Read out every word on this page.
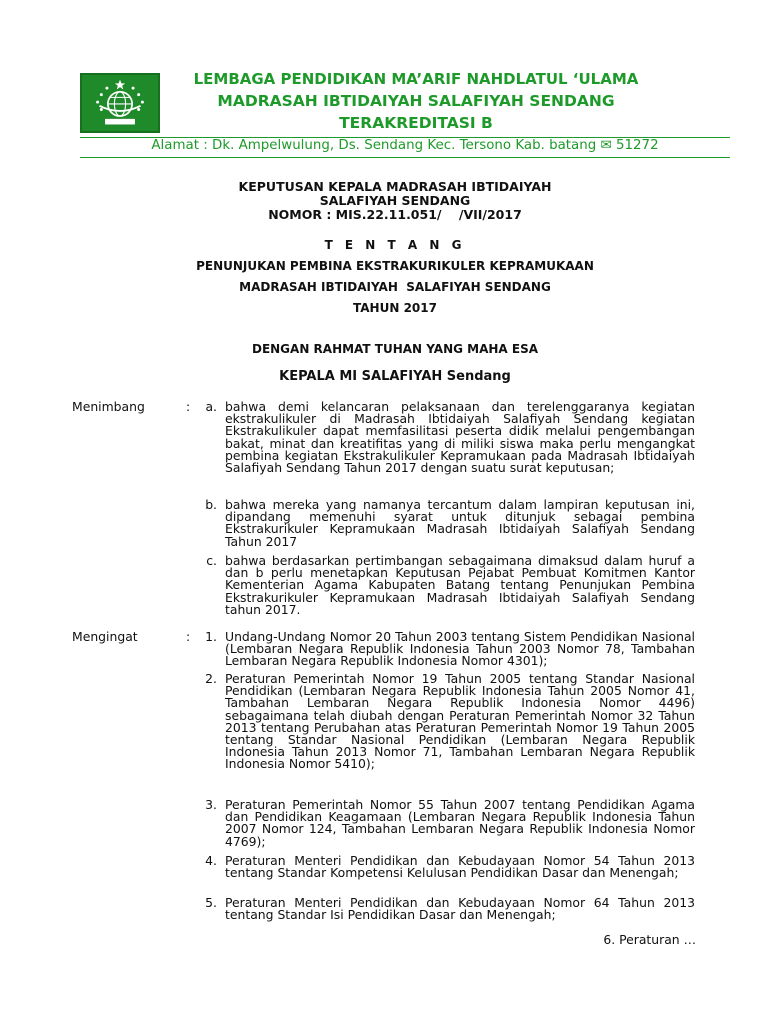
LEMBAGA PENDIDIKAN MA’ARIF NAHDLATUL ‘ULAMA
MADRASAH IBTIDAIYAH SALAFIYAH SENDANG
TERAKREDITASI B
Alamat : Dk. Ampelwulung, Ds. Sendang Kec. Tersono Kab. batang ✉ 51272
KEPUTUSAN KEPALA MADRASAH IBTIDAIYAH
SALAFIYAH SENDANG
NOMOR : MIS.22.11.051/    /VII/2017
T E N T A N G
PENUNJUKAN PEMBINA EKSTRAKURIKULER KEPRAMUKAAN
MADRASAH IBTIDAIYAH  SALAFIYAH SENDANG
TAHUN 2017
DENGAN RAHMAT TUHAN YANG MAHA ESA
KEPALA MI SALAFIYAH Sendang
Menimbang	:	a. bahwa demi kelancaran pelaksanaan dan terelenggaranya kegiatan ekstrakulikuler di Madrasah Ibtidaiyah Salafiyah Sendang kegiatan Ekstrakulikuler dapat memfasilitasi peserta didik melalui pengembangan bakat, minat dan kreatifitas yang di miliki siswa maka perlu mengangkat pembina kegiatan Ekstrakulikuler Kepramukaan pada Madrasah Ibtidaiyah Salafiyah Sendang Tahun 2017 dengan suatu surat keputusan;
b. bahwa mereka yang namanya tercantum dalam lampiran keputusan ini, dipandang memenuhi syarat untuk ditunjuk sebagai pembina Ekstrakurikuler Kepramukaan Madrasah Ibtidaiyah Salafiyah Sendang Tahun 2017
c. bahwa berdasarkan pertimbangan sebagaimana dimaksud dalam huruf a dan b perlu menetapkan Keputusan Pejabat Pembuat Komitmen Kantor Kementerian Agama Kabupaten Batang tentang Penunjukan Pembina Ekstrakurikuler Kepramukaan Madrasah Ibtidaiyah Salafiyah Sendang tahun 2017.
Mengingat	:	1. Undang-Undang Nomor 20 Tahun 2003 tentang Sistem Pendidikan Nasional (Lembaran Negara Republik Indonesia Tahun 2003 Nomor 78, Tambahan Lembaran Negara Republik Indonesia Nomor 4301);
2. Peraturan Pemerintah Nomor 19 Tahun 2005 tentang Standar Nasional Pendidikan (Lembaran Negara Republik Indonesia Tahun 2005 Nomor 41, Tambahan Lembaran Negara Republik Indonesia Nomor 4496) sebagaimana telah diubah dengan Peraturan Pemerintah Nomor 32 Tahun 2013 tentang Perubahan atas Peraturan Pemerintah Nomor 19 Tahun 2005 tentang Standar Nasional Pendidikan (Lembaran Negara Republik Indonesia Tahun 2013 Nomor 71, Tambahan Lembaran Negara Republik Indonesia Nomor 5410);
3. Peraturan Pemerintah Nomor 55 Tahun 2007 tentang Pendidikan Agama dan Pendidikan Keagamaan (Lembaran Negara Republik Indonesia Tahun 2007 Nomor 124, Tambahan Lembaran Negara Republik Indonesia Nomor 4769);
4. Peraturan Menteri Pendidikan dan Kebudayaan Nomor 54 Tahun 2013 tentang Standar Kompetensi Kelulusan Pendidikan Dasar dan Menengah;
5. Peraturan Menteri Pendidikan dan Kebudayaan Nomor 64 Tahun 2013 tentang Standar Isi Pendidikan Dasar dan Menengah;
6. Peraturan …
